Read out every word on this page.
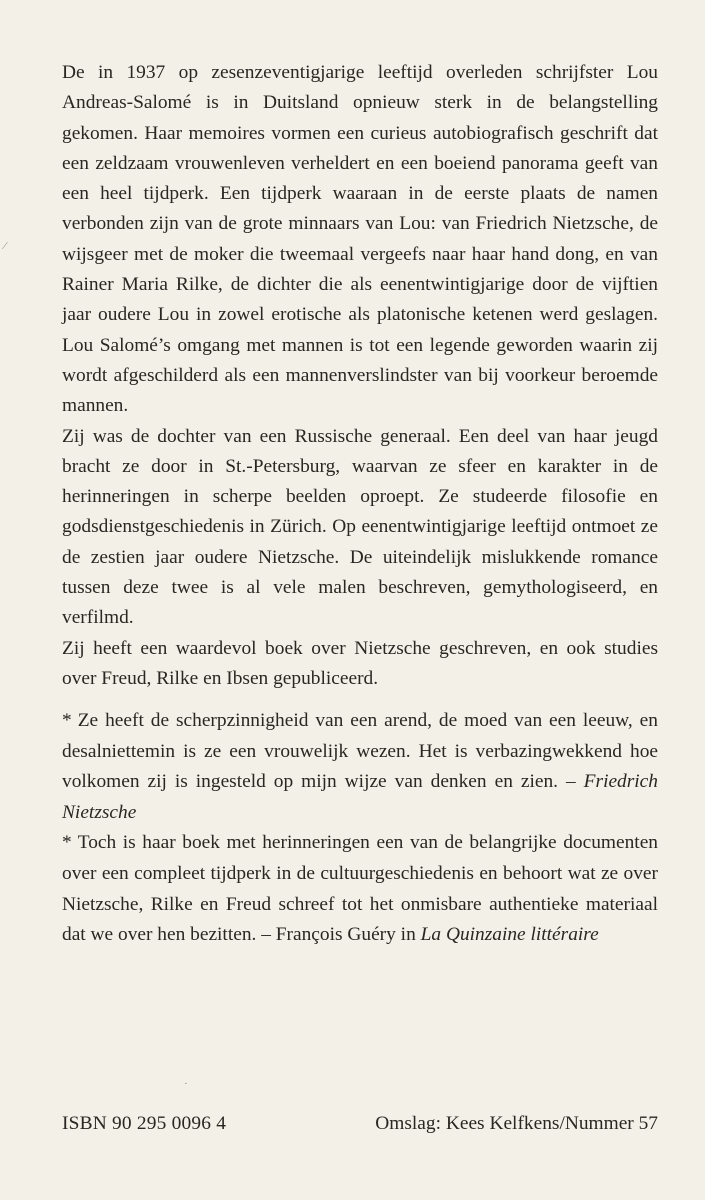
De in 1937 op zesenzeventigjarige leeftijd overleden schrijfster Lou Andreas-Salomé is in Duitsland opnieuw sterk in de belangstelling gekomen. Haar memoires vormen een curieus autobiografisch geschrift dat een zeldzaam vrouwenleven verheldert en een boeiend panorama geeft van een heel tijdperk. Een tijdperk waaraan in de eerste plaats de namen verbonden zijn van de grote minnaars van Lou: van Friedrich Nietzsche, de wijsgeer met de moker die tweemaal vergeefs naar haar hand dong, en van Rainer Maria Rilke, de dichter die als eenentwintigjarige door de vijftien jaar oudere Lou in zowel erotische als platonische ketenen werd geslagen. Lou Salomé’s omgang met mannen is tot een legende geworden waarin zij wordt afgeschilderd als een mannenverslindster van bij voorkeur beroemde mannen.

Zij was de dochter van een Russische generaal. Een deel van haar jeugd bracht ze door in St.-Petersburg, waarvan ze sfeer en karakter in de herinneringen in scherpe beelden oproept. Ze studeerde filosofie en godsdienstgeschiedenis in Zürich. Op eenentwintigjarige leeftijd ontmoet ze de zestien jaar oudere Nietzsche. De uiteindelijk mislukkende romance tussen deze twee is al vele malen beschreven, gemythologiseerd, en verfilmd.

Zij heeft een waardevol boek over Nietzsche geschreven, en ook studies over Freud, Rilke en Ibsen gepubliceerd.

* Ze heeft de scherpzinnigheid van een arend, de moed van een leeuw, en desalniettemin is ze een vrouwelijk wezen. Het is verbazingwekkend hoe volkomen zij is ingesteld op mijn wijze van denken en zien. – Friedrich Nietzsche

* Toch is haar boek met herinneringen een van de belangrijke documenten over een compleet tijdperk in de cultuurgeschiedenis en behoort wat ze over Nietzsche, Rilke en Freud schreef tot het onmisbare authentieke materiaal dat we over hen bezitten. – François Guéry in La Quinzaine littéraire

ISBN 90 295 0096 4	Omslag: Kees Kelfkens/Nummer 57
⁄
·
